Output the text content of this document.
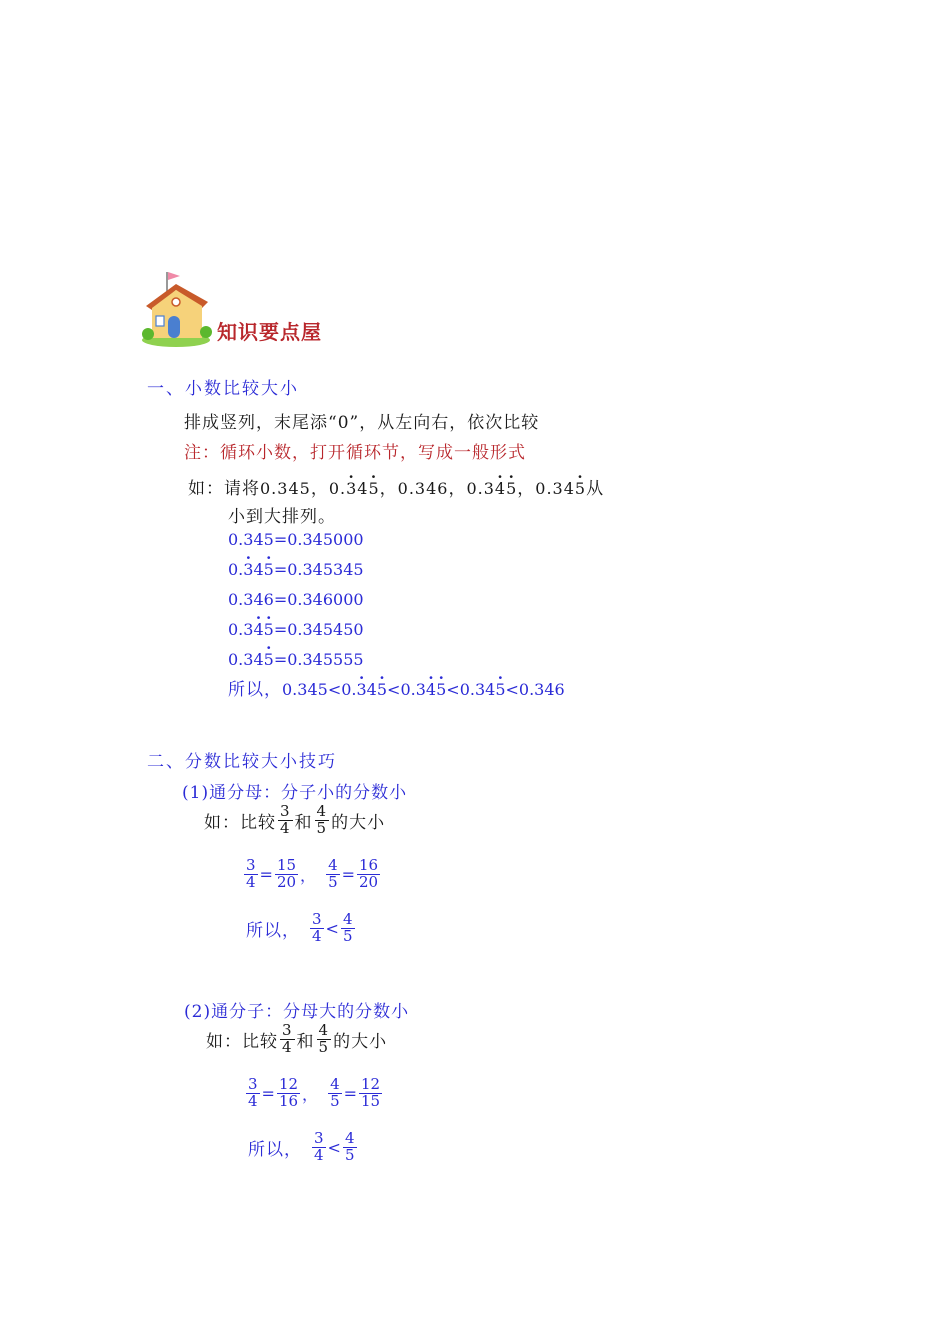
知识要点屋
一、小数比较大小
排成竖列，末尾添“0”，从左向右，依次比较
注：循环小数，打开循环节，写成一般形式
如：请将0.345，0.3 ·45 ·，0.346，0.34 ·5 ·，0.345 ·从
小到大排列。
0.345=0.345000
0.3 ·45 ·=0.345345
0.346=0.346000
0.34 ·5 ·=0.345450
0.345 ·=0.345555
所以，0.345<0.3 ·45 ·<0.34 ·5 ·<0.345 ·<0.346
二、分数比较大小技巧
(1)通分母：分子小的分数小
如：比较 $\frac{3}{4}$ 和 $\frac{4}{5}$ 的大小
$\frac{3}{4} = \frac{15}{20}$ ， $\frac{4}{5} = \frac{16}{20}$
所以， $\frac{3}{4} < \frac{4}{5}$
(2)通分子：分母大的分数小
如：比较 $\frac{3}{4}$ 和 $\frac{4}{5}$ 的大小
$\frac{3}{4} = \frac{12}{16}$ ， $\frac{4}{5} = \frac{12}{15}$
所以， $\frac{3}{4} < \frac{4}{5}$
